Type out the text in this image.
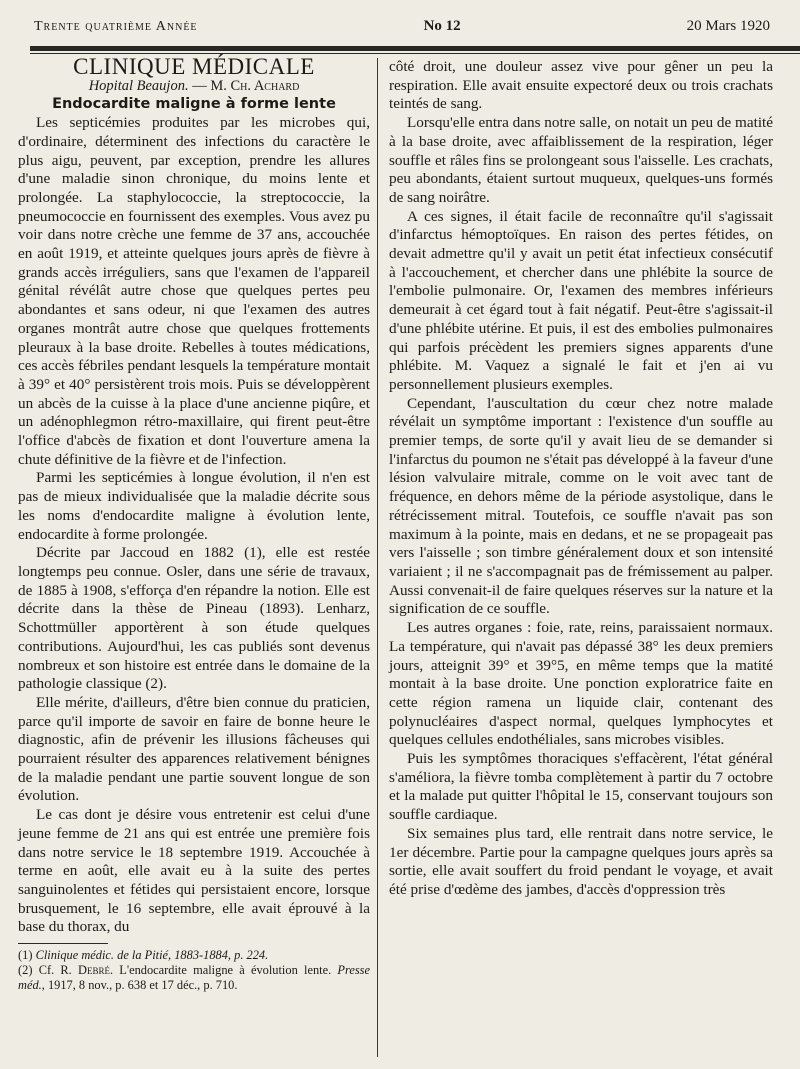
Trente quatrième Année	No 12	20 Mars 1920

CLINIQUE MÉDICALE

Hopital Beaujon. — M. Ch. Achard

Endocardite maligne à forme lente

Les septicémies produites par les microbes qui, d'ordinaire, déterminent des infections du caractère le plus aigu, peuvent, par exception, prendre les allures d'une maladie sinon chronique, du moins lente et prolongée. La staphylococcie, la streptococcie, la pneumococcie en fournissent des exemples. Vous avez pu voir dans notre crèche une femme de 37 ans, accouchée en août 1919, et atteinte quelques jours après de fièvre à grands accès irréguliers, sans que l'examen de l'appareil génital révélât autre chose que quelques pertes peu abondantes et sans odeur, ni que l'examen des autres organes montrât autre chose que quelques frottements pleuraux à la base droite. Rebelles à toutes médications, ces accès fébriles pendant lesquels la température montait à 39° et 40° persistèrent trois mois. Puis se développèrent un abcès de la cuisse à la place d'une ancienne piqûre, et un adénophlegmon rétro-maxillaire, qui firent peut-être l'office d'abcès de fixation et dont l'ouverture amena la chute définitive de la fièvre et de l'infection.

Parmi les septicémies à longue évolution, il n'en est pas de mieux individualisée que la maladie décrite sous les noms d'endocardite maligne à évolution lente, endocardite à forme prolongée.

Décrite par Jaccoud en 1882 (1), elle est restée longtemps peu connue. Osler, dans une série de travaux, de 1885 à 1908, s'efforça d'en répandre la notion. Elle est décrite dans la thèse de Pineau (1893). Lenharz, Schottmüller apportèrent à son étude quelques contributions. Aujourd'hui, les cas publiés sont devenus nombreux et son histoire est entrée dans le domaine de la pathologie classique (2).

Elle mérite, d'ailleurs, d'être bien connue du praticien, parce qu'il importe de savoir en faire de bonne heure le diagnostic, afin de prévenir les illusions fâcheuses qui pourraient résulter des apparences relativement bénignes de la maladie pendant une partie souvent longue de son évolution.

Le cas dont je désire vous entretenir est celui d'une jeune femme de 21 ans qui est entrée une première fois dans notre service le 18 septembre 1919. Accouchée à terme en août, elle avait eu à la suite des pertes sanguinolentes et fétides qui persistaient encore, lorsque brusquement, le 16 septembre, elle avait éprouvé à la base du thorax, du

(1) Clinique médic. de la Pitié, 1883-1884, p. 224.

(2) Cf. R. Debré. L'endocardite maligne à évolution lente. Presse méd., 1917, 8 nov., p. 638 et 17 déc., p. 710.

côté droit, une douleur assez vive pour gêner un peu la respiration. Elle avait ensuite expectoré deux ou trois crachats teintés de sang.

Lorsqu'elle entra dans notre salle, on notait un peu de matité à la base droite, avec affaiblissement de la respiration, léger souffle et râles fins se prolongeant sous l'aisselle. Les crachats, peu abondants, étaient surtout muqueux, quelques-uns formés de sang noirâtre.

A ces signes, il était facile de reconnaître qu'il s'agissait d'infarctus hémoptoïques. En raison des pertes fétides, on devait admettre qu'il y avait un petit état infectieux consécutif à l'accouchement, et chercher dans une phlébite la source de l'embolie pulmonaire. Or, l'examen des membres inférieurs demeurait à cet égard tout à fait négatif. Peut-être s'agissait-il d'une phlébite utérine. Et puis, il est des embolies pulmonaires qui parfois précèdent les premiers signes apparents d'une phlébite. M. Vaquez a signalé le fait et j'en ai vu personnellement plusieurs exemples.

Cependant, l'auscultation du cœur chez notre malade révélait un symptôme important : l'existence d'un souffle au premier temps, de sorte qu'il y avait lieu de se demander si l'infarctus du poumon ne s'était pas développé à la faveur d'une lésion valvulaire mitrale, comme on le voit avec tant de fréquence, en dehors même de la période asystolique, dans le rétrécissement mitral. Toutefois, ce souffle n'avait pas son maximum à la pointe, mais en dedans, et ne se propageait pas vers l'aisselle ; son timbre généralement doux et son intensité variaient ; il ne s'accompagnait pas de frémissement au palper. Aussi convenait-il de faire quelques réserves sur la nature et la signification de ce souffle.

Les autres organes : foie, rate, reins, paraissaient normaux. La température, qui n'avait pas dépassé 38° les deux premiers jours, atteignit 39° et 39°5, en même temps que la matité montait à la base droite. Une ponction exploratrice faite en cette région ramena un liquide clair, contenant des polynucléaires d'aspect normal, quelques lymphocytes et quelques cellules endothéliales, sans microbes visibles.

Puis les symptômes thoraciques s'effacèrent, l'état général s'améliora, la fièvre tomba complètement à partir du 7 octobre et la malade put quitter l'hôpital le 15, conservant toujours son souffle cardiaque.

Six semaines plus tard, elle rentrait dans notre service, le 1er décembre. Partie pour la campagne quelques jours après sa sortie, elle avait souffert du froid pendant le voyage, et avait été prise d'œdème des jambes, d'accès d'oppression très
